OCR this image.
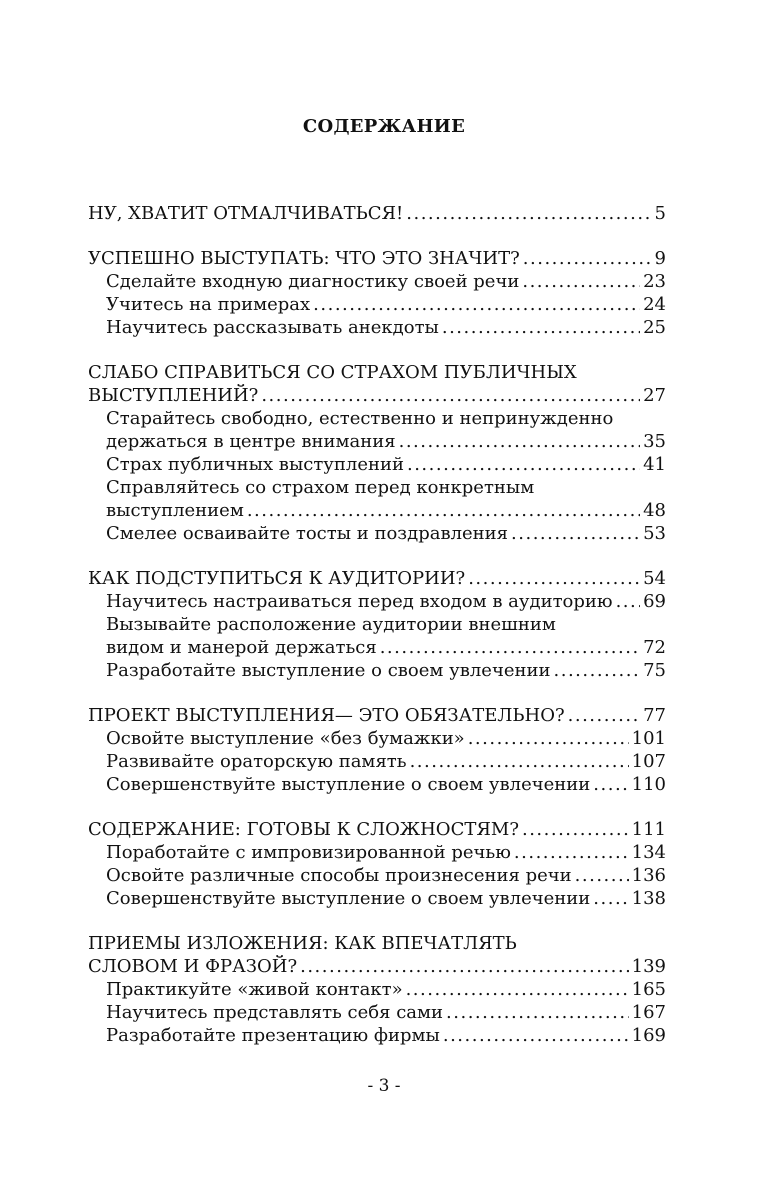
СОДЕРЖАНИЕ
НУ, ХВАТИТ ОТМАЛЧИВАТЬСЯ! .....	5
УСПЕШНО ВЫСТУПАТЬ: ЧТО ЭТО ЗНАЧИТ? .....	9
Сделайте входную диагностику своей речи .....	23
Учитесь на примерах .....	24
Научитесь рассказывать анекдоты .....	25
СЛАБО СПРАВИТЬСЯ СО СТРАХОМ ПУБЛИЧНЫХ
ВЫСТУПЛЕНИЙ? .....	27
Старайтесь свободно, естественно и непринужденно
держаться в центре внимания .....	35
Страх публичных выступлений .....	41
Справляйтесь со страхом перед конкретным
выступлением .....	48
Смелее осваивайте тосты и поздравления .....	53
КАК ПОДСТУПИТЬСЯ К АУДИТОРИИ? .....	54
Научитесь настраиваться перед входом в аудиторию ..... 69
Вызывайте расположение аудитории внешним
видом и манерой держаться .....	72
Разработайте выступление о своем увлечении .....	75
ПРОЕКТ ВЫСТУПЛЕНИЯ— ЭТО ОБЯЗАТЕЛЬНО? .....	77
Освойте выступление «без бумажки» .....	101
Развивайте ораторскую память .....	107
Совершенствуйте выступление о своем увлечении ..... 110
СОДЕРЖАНИЕ: ГОТОВЫ К СЛОЖНОСТЯМ? .....	111
Поработайте с импровизированной речью .....	134
Освойте различные способы произнесения речи .....	136
Совершенствуйте выступление о своем увлечении ..... 138
ПРИЕМЫ ИЗЛОЖЕНИЯ: КАК ВПЕЧАТЛЯТЬ
СЛОВОМ И ФРАЗОЙ? .....	139
Практикуйте «живой контакт» .....	165
Научитесь представлять себя сами .....	167
Разработайте презентацию фирмы .....	169
- 3 -
